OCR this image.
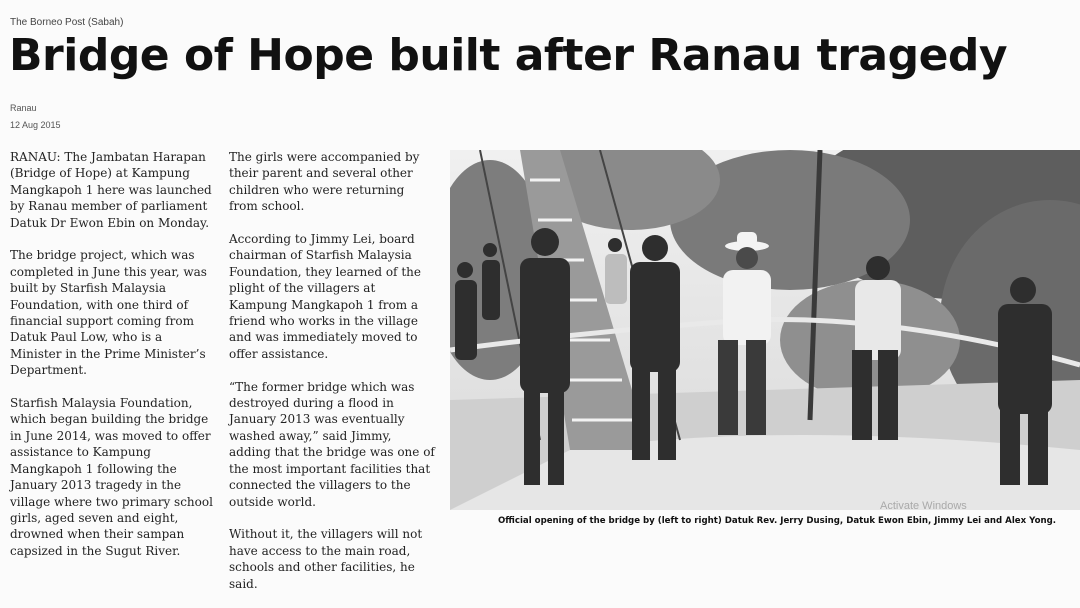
The Borneo Post (Sabah)
Bridge of Hope built after Ranau tragedy
Ranau
12 Aug 2015

RANAU: The Jambatan Harapan (Bridge of Hope) at Kampung Mangkapoh 1 here was launched by Ranau member of parliament Datuk Dr Ewon Ebin on Monday.

The bridge project, which was completed in June this year, was built by Starfish Malaysia Foundation, with one third of financial support coming from Datuk Paul Low, who is a Minister in the Prime Minister’s Department.

Starfish Malaysia Foundation, which began building the bridge in June 2014, was moved to offer assistance to Kampung Mangkapoh 1 following the January 2013 tragedy in the village where two primary school girls, aged seven and eight, drowned when their sampan capsized in the Sugut River.

The girls were accompanied by their parent and several other children who were returning from school.

According to Jimmy Lei, board chairman of Starfish Malaysia Foundation, they learned of the plight of the villagers at Kampung Mangkapoh 1 from a friend who works in the village and was immediately moved to offer assistance.

“The former bridge which was destroyed during a flood in January 2013 was eventually washed away,” said Jimmy, adding that the bridge was one of the most important facilities that connected the villagers to the outside world.

Without it, the villagers will not have access to the main road, schools and other facilities, he said.

Official opening of the bridge by (left to right) Datuk Rev. Jerry Dusing, Datuk Ewon Ebin, Jimmy Lei and Alex Yong.
Activate Windows
